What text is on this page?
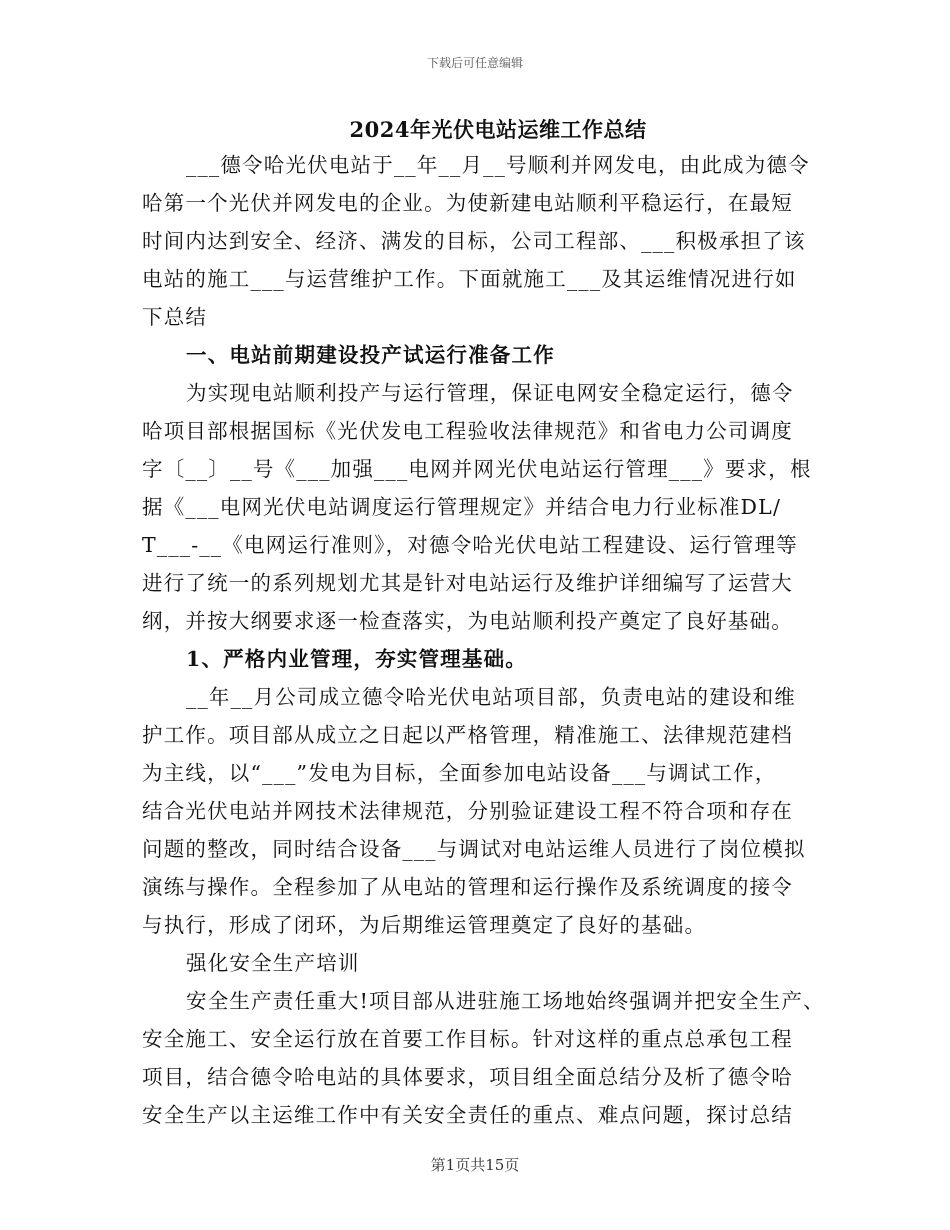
下载后可任意编辑
2024年光伏电站运维工作总结
___德令哈光伏电站于__年__月__号顺利并网发电，由此成为德令
哈第一个光伏并网发电的企业。为使新建电站顺利平稳运行，在最短
时间内达到安全、经济、满发的目标，公司工程部、___积极承担了该
电站的施工___与运营维护工作。下面就施工___及其运维情况进行如
下总结
一、电站前期建设投产试运行准备工作
为实现电站顺利投产与运行管理，保证电网安全稳定运行，德令
哈项目部根据国标《光伏发电工程验收法律规范》和省电力公司调度
字〔__〕__号《___加强___电网并网光伏电站运行管理___》要求，根
据《___电网光伏电站调度运行管理规定》并结合电力行业标准DL/
T___-__《电网运行准则》，对德令哈光伏电站工程建设、运行管理等
进行了统一的系列规划尤其是针对电站运行及维护详细编写了运营大
纲，并按大纲要求逐一检查落实，为电站顺利投产奠定了良好基础。
1、严格内业管理，夯实管理基础。
__年__月公司成立德令哈光伏电站项目部，负责电站的建设和维
护工作。项目部从成立之日起以严格管理，精准施工、法律规范建档
为主线，以“___”发电为目标，全面参加电站设备___与调试工作，
结合光伏电站并网技术法律规范，分别验证建设工程不符合项和存在
问题的整改，同时结合设备___与调试对电站运维人员进行了岗位模拟
演练与操作。全程参加了从电站的管理和运行操作及系统调度的接令
与执行，形成了闭环，为后期维运管理奠定了良好的基础。
强化安全生产培训
安全生产责任重大!项目部从进驻施工场地始终强调并把安全生产、
安全施工、安全运行放在首要工作目标。针对这样的重点总承包工程
项目，结合德令哈电站的具体要求，项目组全面总结分及析了德令哈
安全生产以主运维工作中有关安全责任的重点、难点问题，探讨总结
第1页共15页
